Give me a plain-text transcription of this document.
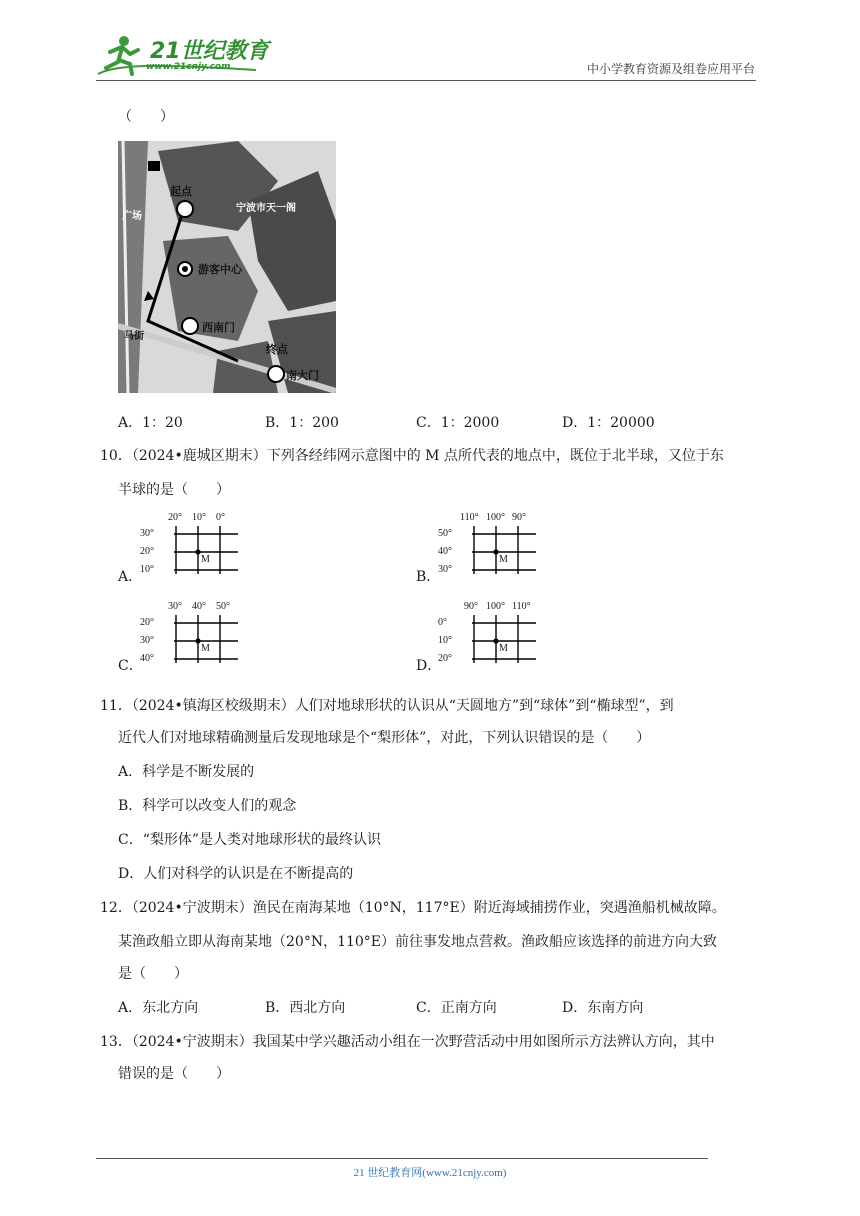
21世纪教育
www.21cnjy.com	中小学教育资源及组卷应用平台
（　　）
起点
宁波市天一阁
广场
游客中心
西南门
马街
终点
南大门
A．1：20	B．1：200	C．1：2000	D．1：20000
10．（2024•鹿城区期末）下列各经纬网示意图中的 M 点所代表的地点中，既位于北半球，又位于东
半球的是（　　）
A．
20° 10° 0°
30°
20°
10°
M
B．
110° 100° 90°
50°
40°
30°
M
C．
30° 40° 50°
20°
30°
40°
M
D．
90° 100° 110°
0°
10°
20°
M
11．（2024•镇海区校级期末）人们对地球形状的认识从“天圆地方”到“球体”到“椭球型”，到
近代人们对地球精确测量后发现地球是个“梨形体”，对此，下列认识错误的是（　　）
A．科学是不断发展的
B．科学可以改变人们的观念
C．“梨形体”是人类对地球形状的最终认识
D．人们对科学的认识是在不断提高的
12．（2024•宁波期末）渔民在南海某地（10°N，117°E）附近海域捕捞作业，突遇渔船机械故障。
某渔政船立即从海南某地（20°N，110°E）前往事发地点营救。渔政船应该选择的前进方向大致
是（　　）
A．东北方向	B．西北方向	C．正南方向	D．东南方向
13．（2024•宁波期末）我国某中学兴趣活动小组在一次野营活动中用如图所示方法辨认方向，其中
错误的是（　　）
21 世纪教育网(www.21cnjy.com)
